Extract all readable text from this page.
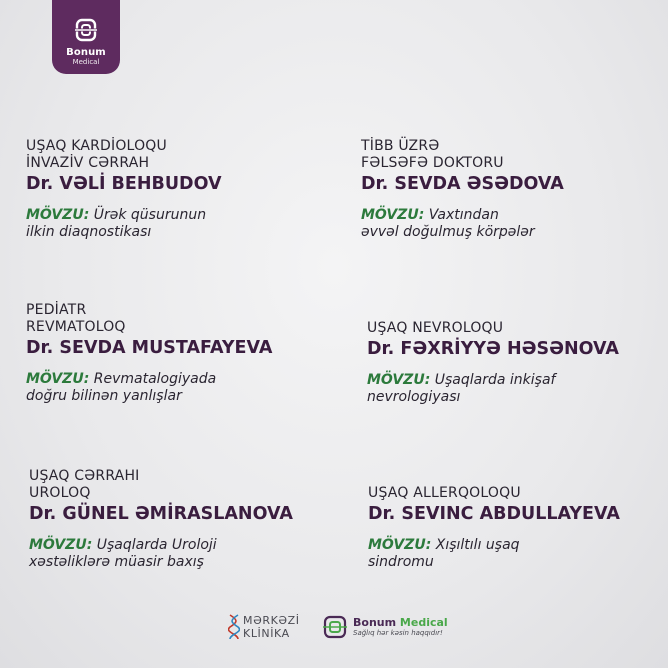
Bonum
Medical
UŞAQ KARDİOLOQU
İNVAZİV CƏRRAH
Dr. VƏLİ BEHBUDOV
MÖVZU: Ürək qüsurunun
ilkin diaqnostikası
TİBB ÜZRƏ
FƏLSƏFƏ DOKTORU
Dr. SEVDA ƏSƏDOVA
MÖVZU: Vaxtından
əvvəl doğulmuş körpələr
PEDİATR
REVMATOLOQ
Dr. SEVDA MUSTAFAYEVA
MÖVZU: Revmatalogiyada
doğru bilinən yanlışlar
UŞAQ NEVROLOQU
Dr. FƏXRİYYƏ HƏSƏNOVA
MÖVZU: Uşaqlarda inkişaf
nevrologiyası
UŞAQ CƏRRAHI
UROLOQ
Dr. GÜNEL ƏMİRASLANOVA
MÖVZU: Uşaqlarda Uroloji
xəstəliklərə müasir baxış
UŞAQ ALLERQOLOQU
Dr. SEVINC ABDULLAYEVA
MÖVZU: Xışıltılı uşaq
sindromu
MƏRKƏZİ
KLİNİKA
Bonum Medical
Sağlıq hər kəsin haqqıdır!
